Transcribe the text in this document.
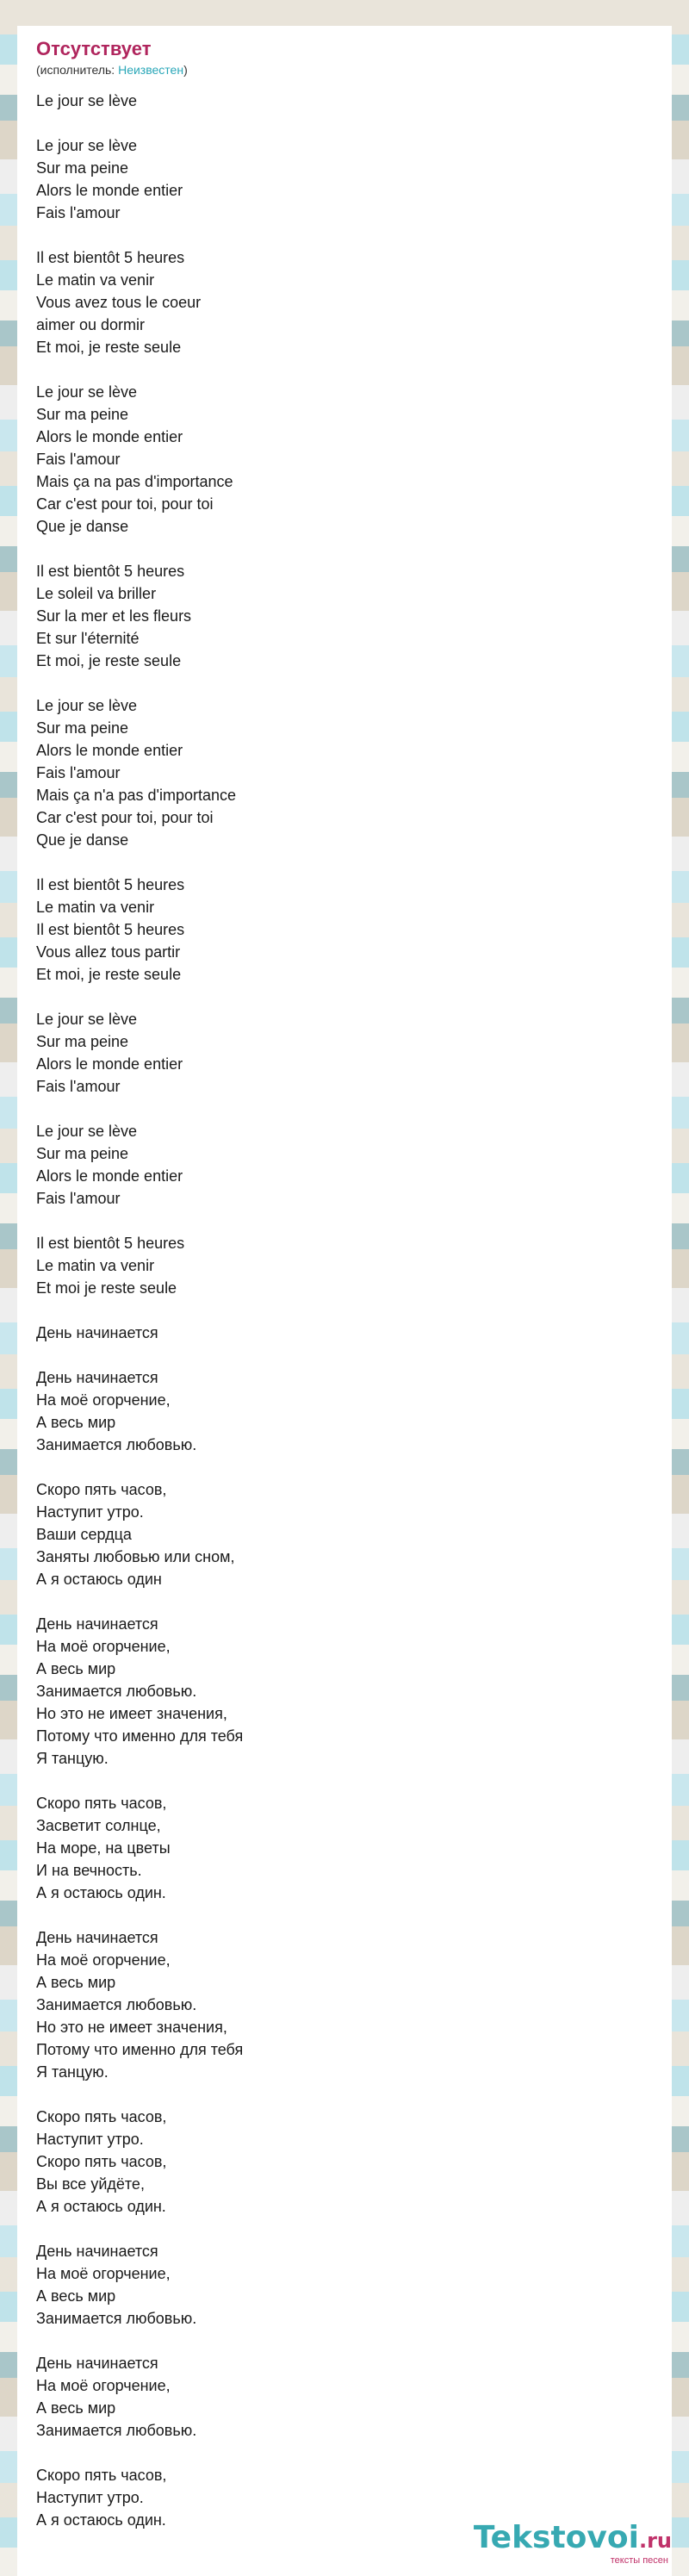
Отсутствует
(исполнитель: Неизвестен)
Le jour se lève

Le jour se lève
Sur ma peine
Alors le monde entier
Fais l'amour

Il est bientôt 5 heures
Le matin va venir
Vous avez tous le coeur
aimer ou dormir
Et moi, je reste seule

Le jour se lève
Sur ma peine
Alors le monde entier
Fais l'amour
Mais ça na pas d'importance
Car c'est pour toi, pour toi
Que je danse

Il est bientôt 5 heures
Le soleil va briller
Sur la mer et les fleurs
Et sur l'éternité
Et moi, je reste seule

Le jour se lève
Sur ma peine
Alors le monde entier
Fais l'amour
Mais ça n'a pas d'importance
Car c'est pour toi, pour toi
Que je danse

Il est bientôt 5 heures
Le matin va venir
Il est bientôt 5 heures
Vous allez tous partir
Et moi, je reste seule

Le jour se lève
Sur ma peine
Alors le monde entier
Fais l'amour

Le jour se lève
Sur ma peine
Alors le monde entier
Fais l'amour

Il est bientôt 5 heures
Le matin va venir
Et moi je reste seule

День начинается

День начинается
На моё огорчение,
А весь мир
Занимается любовью.

Скоро пять часов,
Наступит утро.
Ваши сердца
Заняты любовью или сном,
А я остаюсь один

День начинается
На моё огорчение,
А весь мир
Занимается любовью.
Но это не имеет значения,
Потому что именно для тебя
Я танцую.

Скоро пять часов,
Засветит солнце,
На море, на цветы
И на вечность.
А я остаюсь один.

День начинается
На моё огорчение,
А весь мир
Занимается любовью.
Но это не имеет значения,
Потому что именно для тебя
Я танцую.

Скоро пять часов,
Наступит утро.
Скоро пять часов,
Вы все уйдёте,
А я остаюсь один.

День начинается
На моё огорчение,
А весь мир
Занимается любовью.

День начинается
На моё огорчение,
А весь мир
Занимается любовью.

Скоро пять часов,
Наступит утро.
А я остаюсь один.	Tekstovoi.ru
тексты песен
